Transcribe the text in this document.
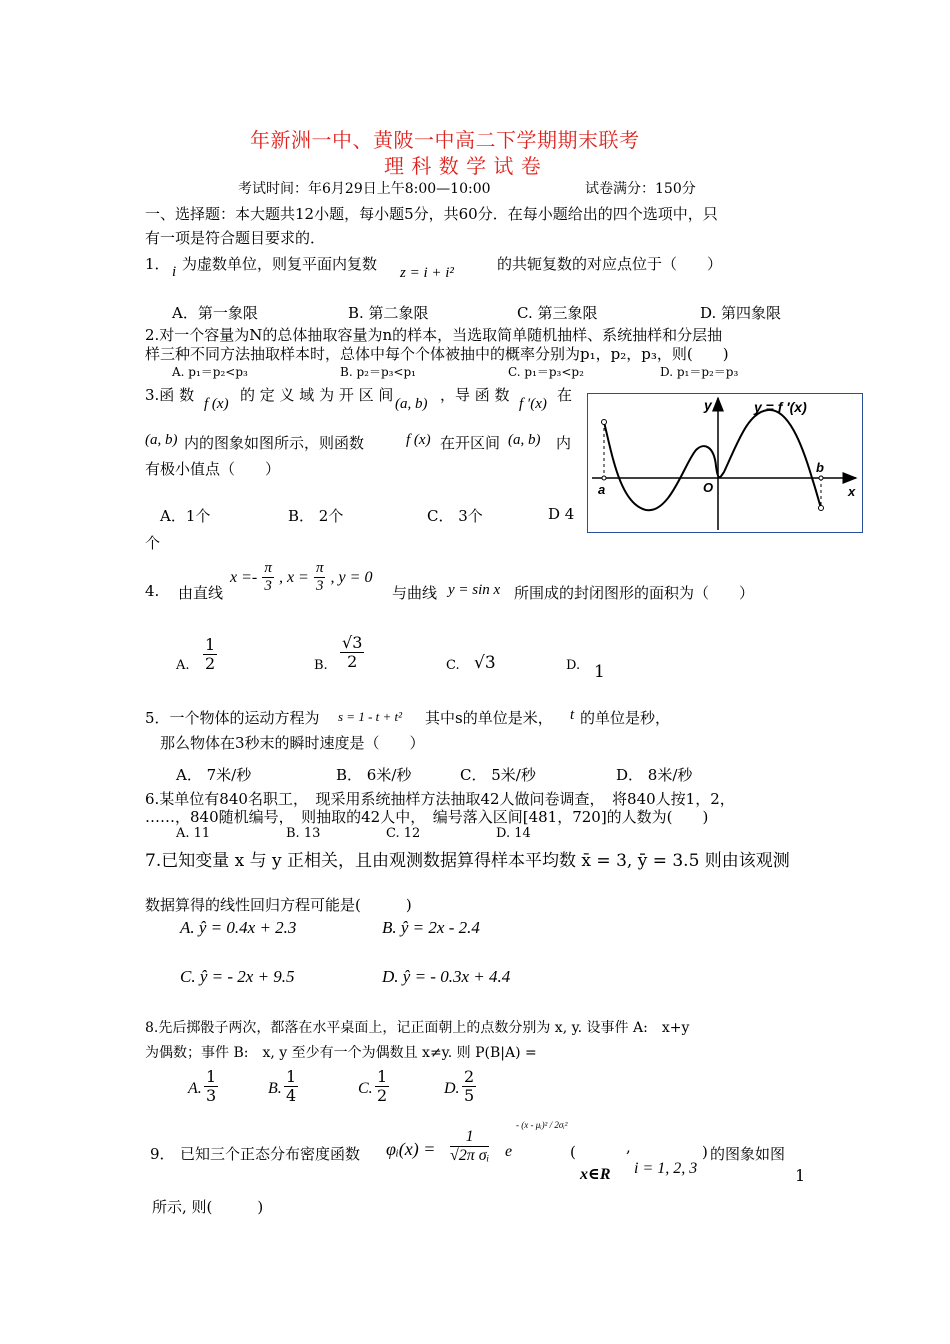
年新洲一中、黄陂一中高二下学期期末联考
理 科 数 学 试 卷
考试时间：年6月29日上午8:00—10:00	试卷满分：150分
一、选择题：本大题共12小题，每小题5分，共60分．在每小题给出的四个选项中，只
有一项是符合题目要求的．
1． i 为虚数单位，则复平面内复数 z = i + i²	的共轭复数的对应点位于（　　）
A．第一象限	B. 第二象限	C. 第三象限	D. 第四象限
2.对一个容量为N的总体抽取容量为n的样本，当选取简单随机抽样、系统抽样和分层抽
样三种不同方法抽取样本时，总体中每个个体被抽中的概率分别为p₁，p₂，p₃，则(　　)
A. p₁＝p₂<p₃	B. p₂＝p₃<p₁	C. p₁＝p₃<p₂	D. p₁＝p₂＝p₃
3.函 数 f (x) 的 定 义 域 为 开 区 间 (a, b) ，导 函 数 f ′(x) 在
(a, b) 内的图象如图所示，则函数	f (x) 在开区间 (a, b) 内
有极小值点（　　）
A．1个	B． 2个	C． 3个	D 4
个
y	y = f ′(x)
a	O
b
x
4. 由直线
$x =- \frac{\pi}{3}$ , $x = \frac{\pi}{3}$ , y = 0
与曲线 y = sin x 所围成的封闭图形的面积为（　　）
A. $\frac{1}{2}$	B. $\frac{√3}{2}$	C. √3	D. 1
5．一个物体的运动方程为 s = 1 - t + t² 其中s的单位是米， t 的单位是秒，
那么物体在3秒末的瞬时速度是（　　）
A． 7米/秒	B． 6米/秒	C． 5米/秒	D． 8米/秒
6.某单位有840名职工，　现采用系统抽样方法抽取42人做问卷调查，　将840人按1，2，
……，840随机编号，　则抽取的42人中，　编号落入区间[481，720]的人数为(　　)
A. 11	B. 13	C. 12	D. 14
7.已知变量 x 与 y 正相关，且由观测数据算得样本平均数 x̄ = 3, ȳ = 3.5 则由该观测
数据算得的线性回归方程可能是(　　　)
A. ŷ = 0.4x + 2.3	B. ŷ = 2x - 2.4
C. ŷ = - 2x + 9.5	D. ŷ = - 0.3x + 4.4
8.先后掷骰子两次，都落在水平桌面上，记正面朝上的点数分别为 x, y. 设事件 A:　x+y
为偶数；事件 B:　x, y 至少有一个为偶数且 x≠y. 则 P(B|A) =
A. $\frac{1}{3}$	B. $\frac{1}{4}$	C. $\frac{1}{2}$	D. $\frac{2}{5}$
9． 已知三个正态分布密度函数 φᵢ(x) = $\frac{1}{\text{√2π σᵢ}}$ e
- (x - μᵢ)² / 2σᵢ²
(	,	) 的图象如图
x∈R i = 1, 2, 3
所示, 则(　　　)
1
